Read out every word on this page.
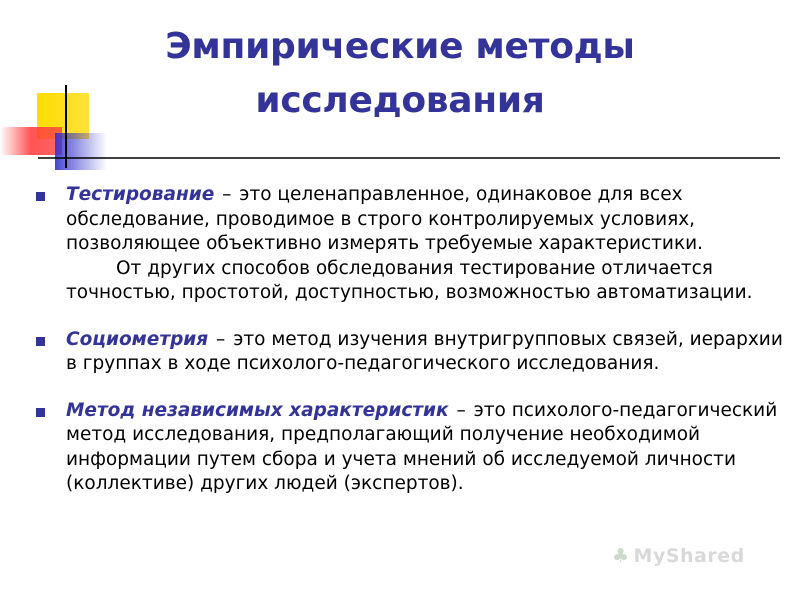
Эмпирические методы исследования
Тестирование – это целенаправленное, одинаковое для всех обследование, проводимое в строго контролируемых условиях, позволяющее объективно измерять требуемые характеристики.
От других способов обследования тестирование отличается точностью, простотой, доступностью, возможностью автоматизации.
Социометрия – это метод изучения внутригрупповых связей, иерархии в группах в ходе психолого-педагогического исследования.
Метод независимых характеристик – это психолого-педагогический метод исследования, предполагающий получение необходимой информации путем сбора и учета мнений об исследуемой личности (коллективе) других людей (экспертов).
♣ MyShared
